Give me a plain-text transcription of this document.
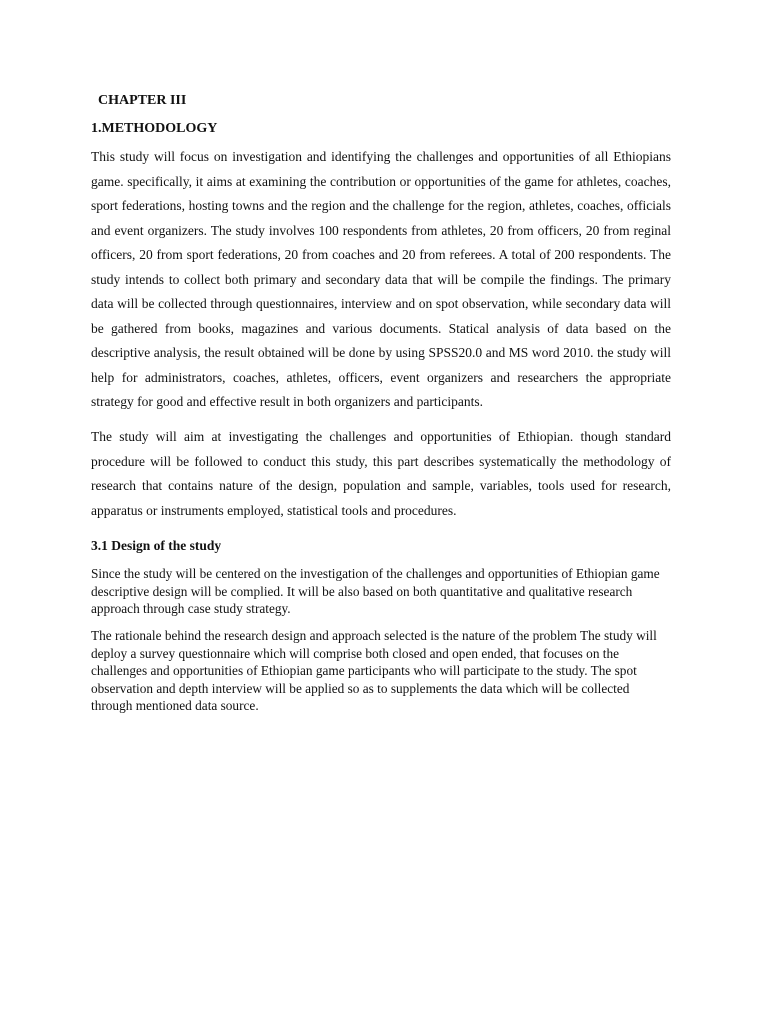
CHAPTER III
1.METHODOLOGY

This study will focus on investigation and identifying the challenges and opportunities of all Ethiopians game. specifically, it aims at examining the contribution or opportunities of the game for athletes, coaches, sport federations, hosting towns and the region and the challenge for the region, athletes, coaches, officials and event organizers. The study involves 100 respondents from athletes, 20 from officers, 20 from reginal officers, 20 from sport federations, 20 from coaches and 20 from referees. A total of 200 respondents. The study intends to collect both primary and secondary data that will be compile the findings. The primary data will be collected through questionnaires, interview and on spot observation, while secondary data will be gathered from books, magazines and various documents. Statical analysis of data based on the descriptive analysis, the result obtained will be done by using SPSS20.0 and MS word 2010. the study will help for administrators, coaches, athletes, officers, event organizers and researchers the appropriate strategy for good and effective result in both organizers and participants.

The study will aim at investigating the challenges and opportunities of Ethiopian. though standard procedure will be followed to conduct this study, this part describes systematically the methodology of research that contains nature of the design, population and sample, variables, tools used for research, apparatus or instruments employed, statistical tools and procedures.

3.1 Design of the study

Since the study will be centered on the investigation of the challenges and opportunities of Ethiopian game descriptive design will be complied. It will be also based on both quantitative and qualitative research approach through case study strategy.

The rationale behind the research design and approach selected is the nature of the problem The study will deploy a survey questionnaire which will comprise both closed and open ended, that focuses on the challenges and opportunities of Ethiopian game participants who will participate to the study. The spot observation and depth interview will be applied so as to supplements the data which will be collected through mentioned data source.
